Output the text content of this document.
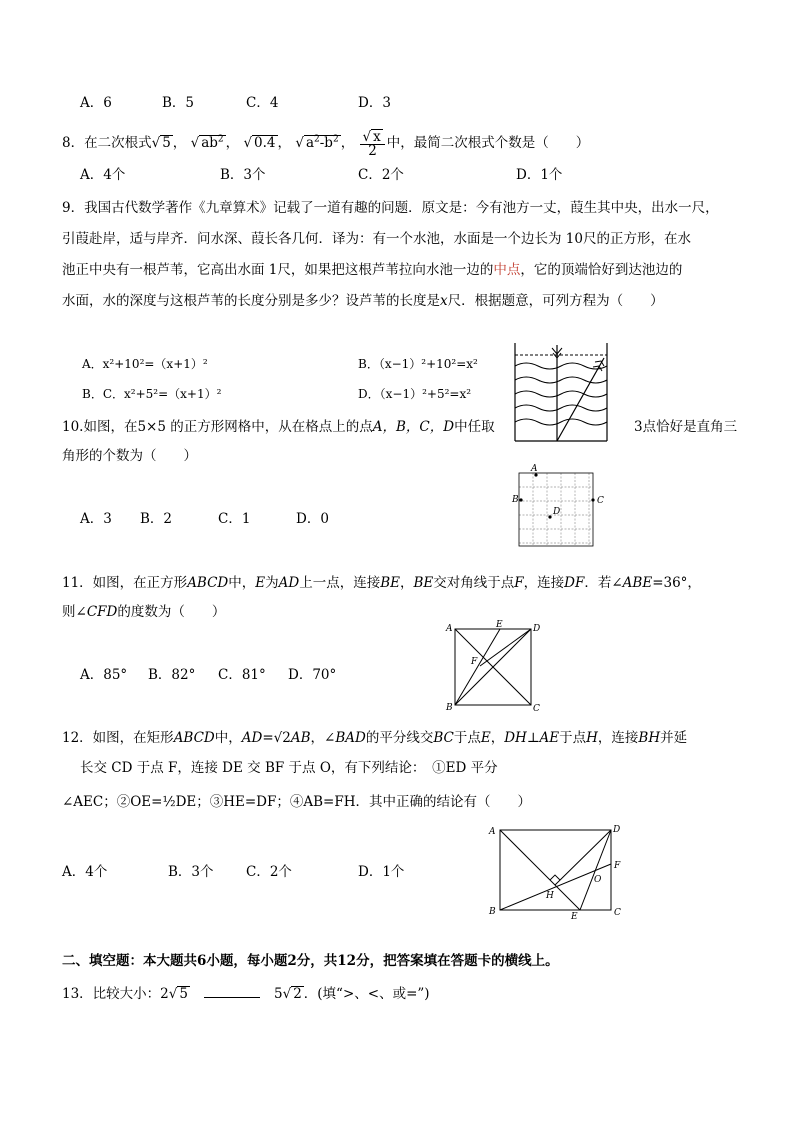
A．6	B．5	C．4	D．3
8．在二次根式√ 5 ， √ $ab^2$ ， √ 0.4 ， √ $a^2-b^2$ ， $\frac{√ x}{2}$ 中，最简二次根式个数是（　　）
A．4个	B．3个	C．2个	D．1个
9．我国古代数学著作《九章算术》记载了一道有趣的问题．原文是：今有池方一丈，葭生其中央，出水一尺，
引葭赴岸，适与岸齐．问水深、葭长各几何．译为：有一个水池，水面是一个边长为 10尺的正方形，在水
池正中央有一根芦苇，它高出水面 1尺，如果把这根芦苇拉向水池一边的中点，它的顶端恰好到达池边的
水面，水的深度与这根芦苇的长度分别是多少？设芦苇的长度是x尺．根据题意，可列方程为（　　）
A．x²+10²=（x+1）²	B．（x−1）²+10²=x²
B．C．x²+5²=（x+1）²	D．（x−1）²+5²=x²
10.如图，在5×5 的正方形网格中，从在格点上的点A，B，C，D中任取	3点恰好是直角三
角形的个数为（　　）
A．3 B．2	C．1	D．0
A
B	C
D
11．如图，在正方形ABCD中，E为AD上一点，连接BE，BE交对角线于点F，连接DF．若∠ABE=36°，
则∠CFD的度数为（　　）
A．85° B．82° C．81° D．70°
A
B	C
D
E
F
12．如图，在矩形ABCD中，AD=√2AB，∠BAD的平分线交BC于点E，DH⊥AE于点H，连接BH并延
长交 CD 于点 F，连接 DE 交 BF 于点 O，有下列结论：　①ED 平分
∠AEC；②OE=½DE；③HE=DF；④AB=FH．其中正确的结论有（　　）
A．4个	B．3个 C．2个	D．1个
A
B	C
D
E
F
H
O
二、填空题：本大题共6小题，每小题2分，共12分，把答案填在答题卡的横线上。
13．比较大小：2√ 5	5√ 2 ．(填“>、<、或=”)
